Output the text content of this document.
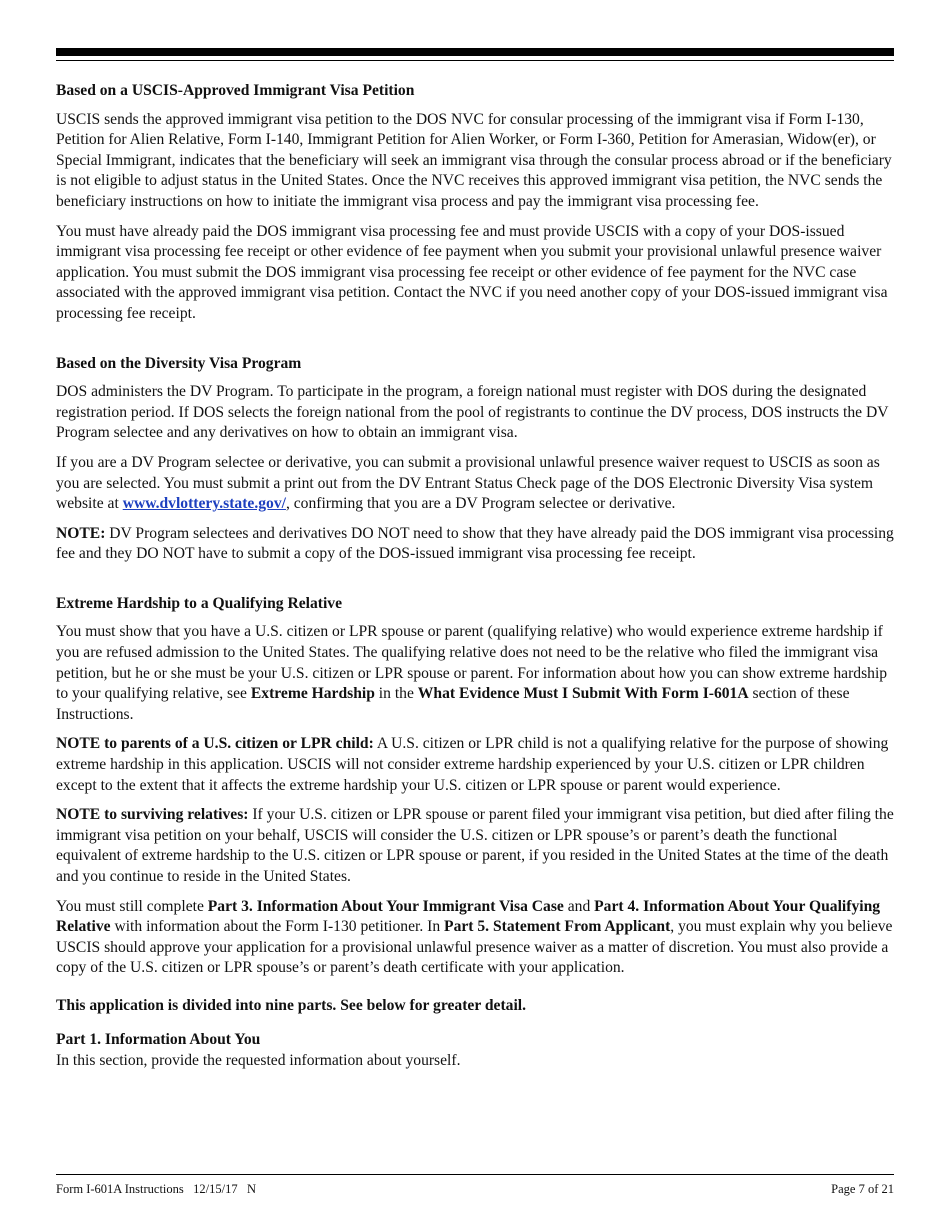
Based on a USCIS-Approved Immigrant Visa Petition

USCIS sends the approved immigrant visa petition to the DOS NVC for consular processing of the immigrant visa if Form I-130, Petition for Alien Relative, Form I-140, Immigrant Petition for Alien Worker, or Form I-360, Petition for Amerasian, Widow(er), or Special Immigrant, indicates that the beneficiary will seek an immigrant visa through the consular process abroad or if the beneficiary is not eligible to adjust status in the United States. Once the NVC receives this approved immigrant visa petition, the NVC sends the beneficiary instructions on how to initiate the immigrant visa process and pay the immigrant visa processing fee.

You must have already paid the DOS immigrant visa processing fee and must provide USCIS with a copy of your DOS-issued immigrant visa processing fee receipt or other evidence of fee payment when you submit your provisional unlawful presence waiver application. You must submit the DOS immigrant visa processing fee receipt or other evidence of fee payment for the NVC case associated with the approved immigrant visa petition. Contact the NVC if you need another copy of your DOS-issued immigrant visa processing fee receipt.

Based on the Diversity Visa Program

DOS administers the DV Program. To participate in the program, a foreign national must register with DOS during the designated registration period. If DOS selects the foreign national from the pool of registrants to continue the DV process, DOS instructs the DV Program selectee and any derivatives on how to obtain an immigrant visa.

If you are a DV Program selectee or derivative, you can submit a provisional unlawful presence waiver request to USCIS as soon as you are selected. You must submit a print out from the DV Entrant Status Check page of the DOS Electronic Diversity Visa system website at www.dvlottery.state.gov/, confirming that you are a DV Program selectee or derivative.

NOTE: DV Program selectees and derivatives DO NOT need to show that they have already paid the DOS immigrant visa processing fee and they DO NOT have to submit a copy of the DOS-issued immigrant visa processing fee receipt.

Extreme Hardship to a Qualifying Relative

You must show that you have a U.S. citizen or LPR spouse or parent (qualifying relative) who would experience extreme hardship if you are refused admission to the United States. The qualifying relative does not need to be the relative who filed the immigrant visa petition, but he or she must be your U.S. citizen or LPR spouse or parent. For information about how you can show extreme hardship to your qualifying relative, see Extreme Hardship in the What Evidence Must I Submit With Form I-601A section of these Instructions.

NOTE to parents of a U.S. citizen or LPR child: A U.S. citizen or LPR child is not a qualifying relative for the purpose of showing extreme hardship in this application. USCIS will not consider extreme hardship experienced by your U.S. citizen or LPR children except to the extent that it affects the extreme hardship your U.S. citizen or LPR spouse or parent would experience.

NOTE to surviving relatives: If your U.S. citizen or LPR spouse or parent filed your immigrant visa petition, but died after filing the immigrant visa petition on your behalf, USCIS will consider the U.S. citizen or LPR spouse’s or parent’s death the functional equivalent of extreme hardship to the U.S. citizen or LPR spouse or parent, if you resided in the United States at the time of the death and you continue to reside in the United States.

You must still complete Part 3. Information About Your Immigrant Visa Case and Part 4. Information About Your Qualifying Relative with information about the Form I-130 petitioner. In Part 5. Statement From Applicant, you must explain why you believe USCIS should approve your application for a provisional unlawful presence waiver as a matter of discretion. You must also provide a copy of the U.S. citizen or LPR spouse’s or parent’s death certificate with your application.

This application is divided into nine parts. See below for greater detail.

Part 1. Information About You

In this section, provide the requested information about yourself.

Form I-601A Instructions   12/15/17   N	Page 7 of 21
